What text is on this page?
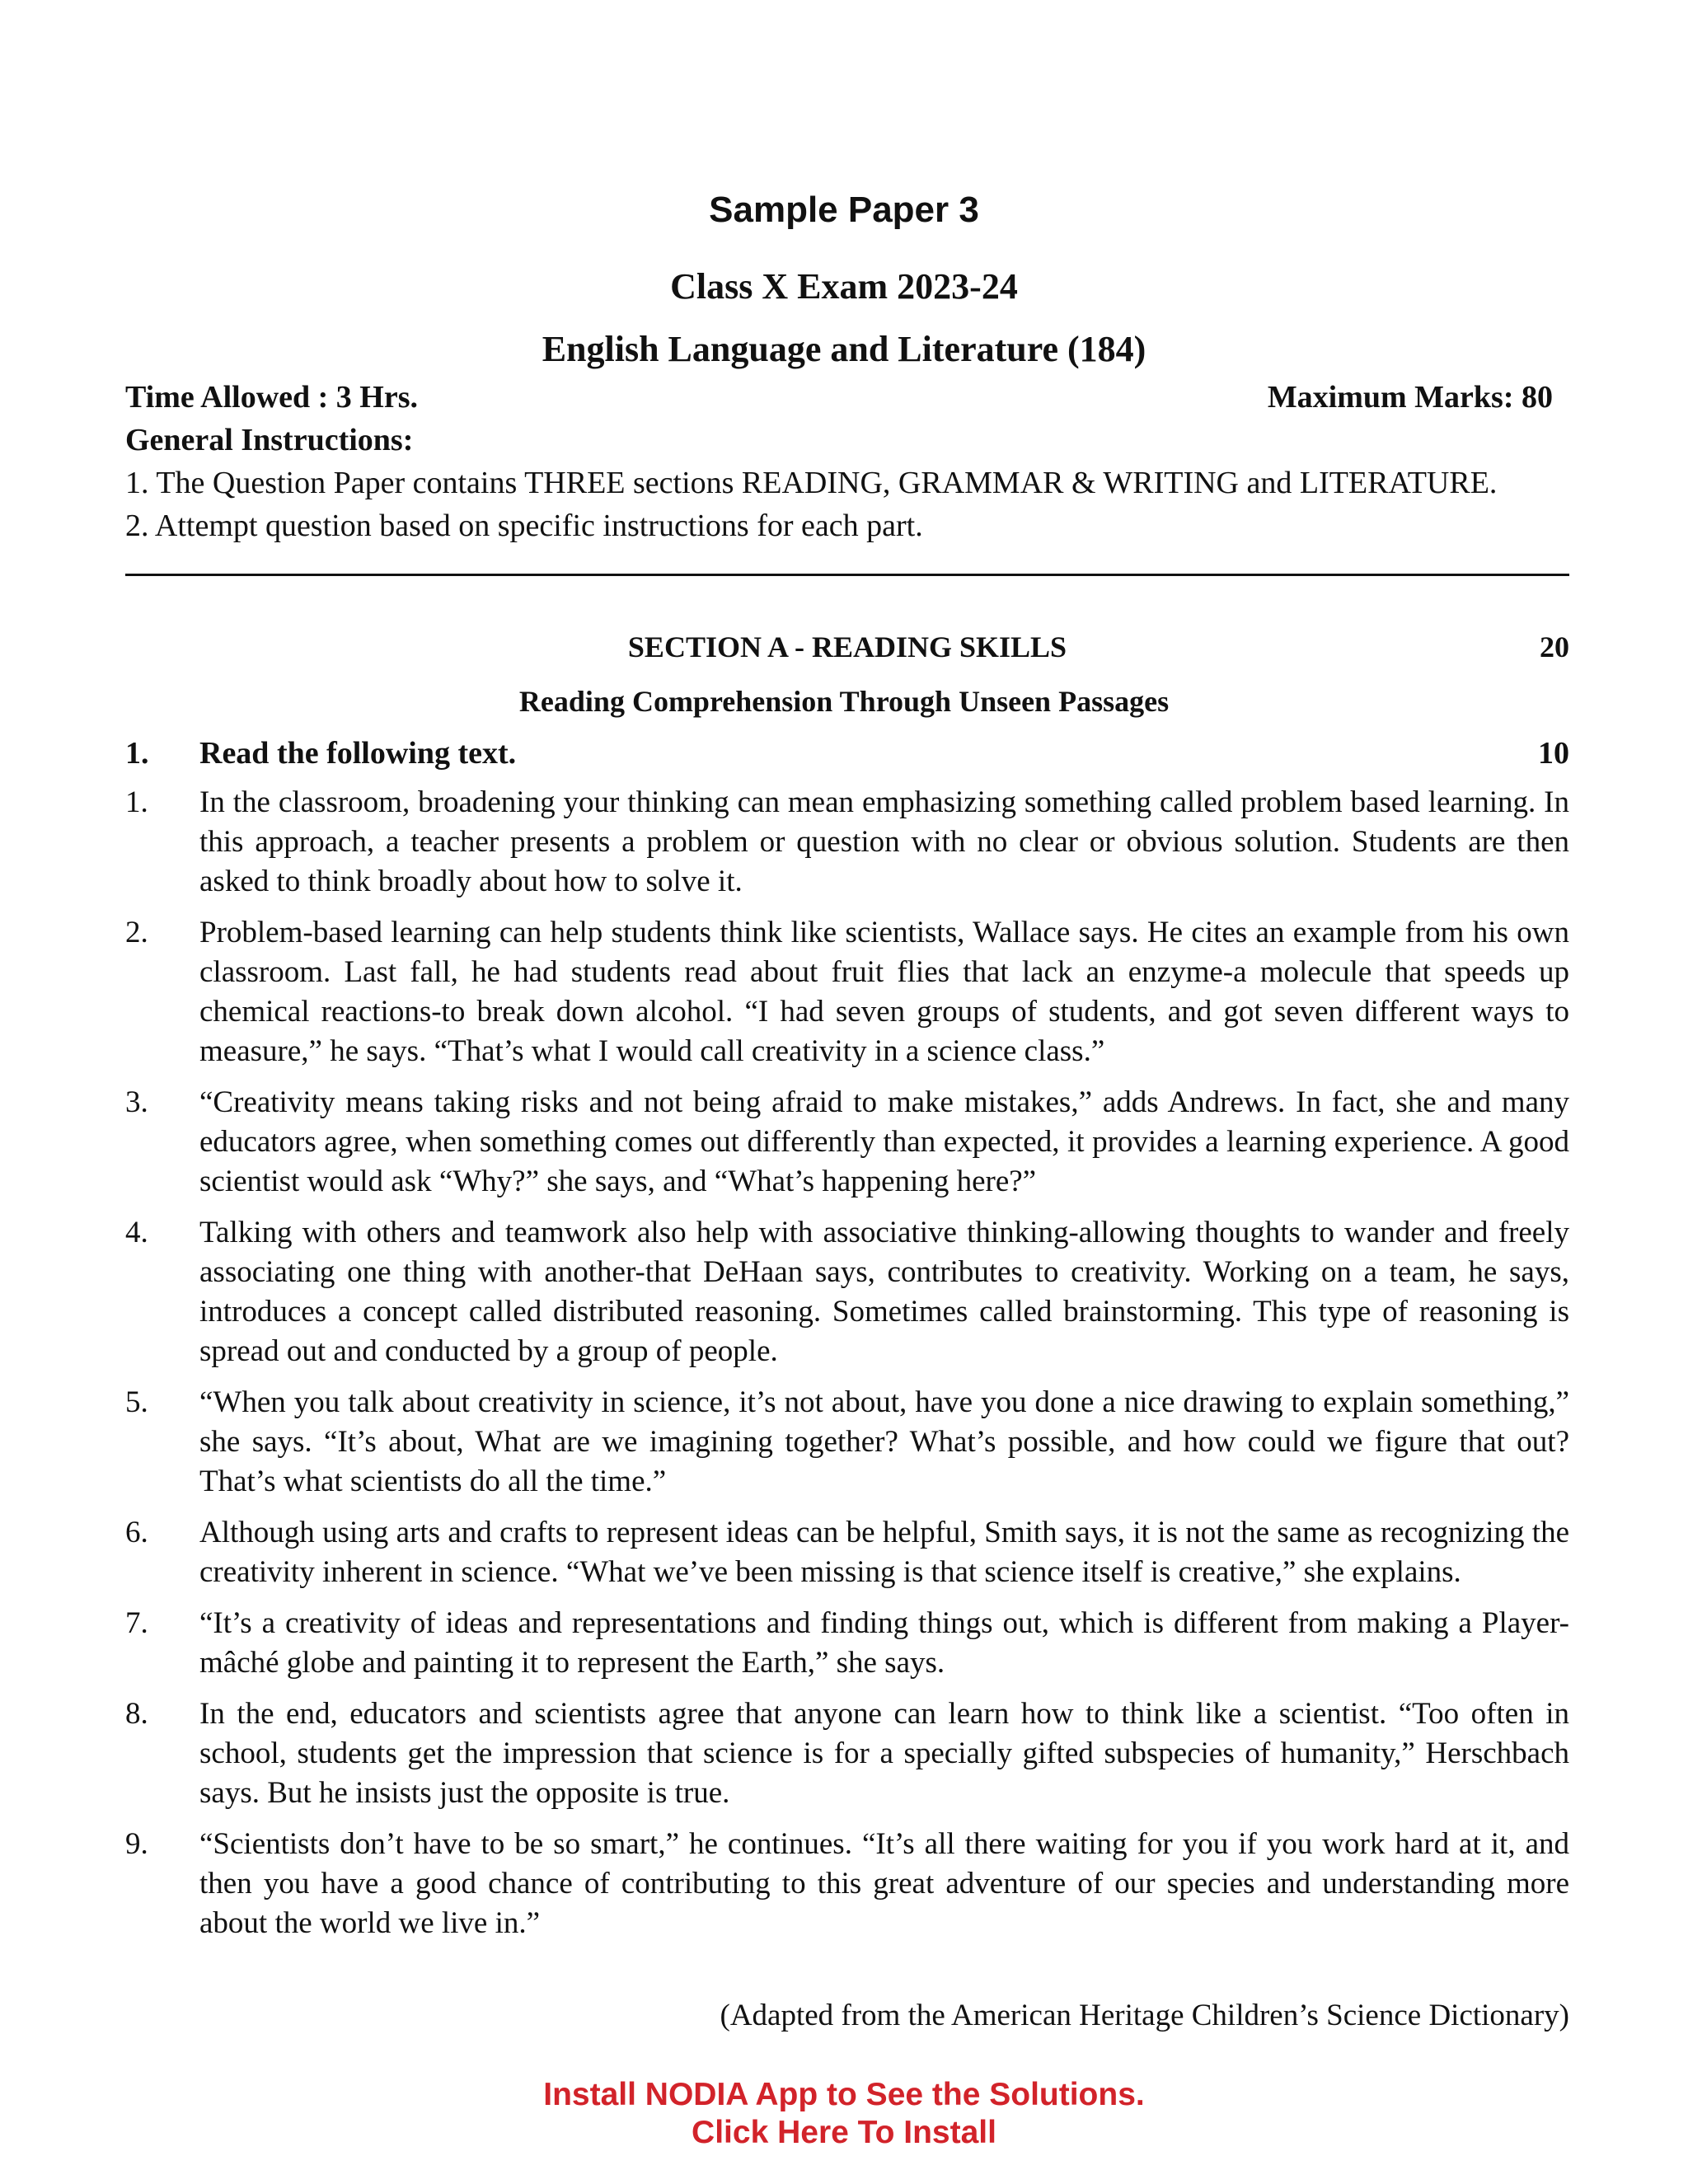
Sample Paper 3
Class X Exam 2023-24
English Language and Literature (184)
Time Allowed : 3 Hrs.	Maximum Marks: 80
General Instructions:
1. The Question Paper contains THREE sections READING, GRAMMAR & WRITING and LITERATURE.
2. Attempt question based on specific instructions for each part.
SECTION A - READING SKILLS	20
Reading Comprehension Through Unseen Passages
1. Read the following text.	10
1.	In the classroom, broadening your thinking can mean emphasizing something called problem based learning. In this approach, a teacher presents a problem or question with no clear or obvious solution. Students are then asked to think broadly about how to solve it.
2.	Problem-based learning can help students think like scientists, Wallace says. He cites an example from his own classroom. Last fall, he had students read about fruit flies that lack an enzyme-a molecule that speeds up chemical reactions-to break down alcohol. “I had seven groups of students, and got seven different ways to measure,” he says. “That’s what I would call creativity in a science class.”
3.	“Creativity means taking risks and not being afraid to make mistakes,” adds Andrews. In fact, she and many educators agree, when something comes out differently than expected, it provides a learning experience. A good scientist would ask “Why?” she says, and “What’s happening here?”
4.	Talking with others and teamwork also help with associative thinking-allowing thoughts to wander and freely associating one thing with another-that DeHaan says, contributes to creativity. Working on a team, he says, introduces a concept called distributed reasoning. Sometimes called brainstorming. This type of reasoning is spread out and conducted by a group of people.
5.	“When you talk about creativity in science, it’s not about, have you done a nice drawing to explain something,” she says. “It’s about, What are we imagining together? What’s possible, and how could we figure that out? That’s what scientists do all the time.”
6.	Although using arts and crafts to represent ideas can be helpful, Smith says, it is not the same as recognizing the creativity inherent in science. “What we’ve been missing is that science itself is creative,” she explains.
7.	“It’s a creativity of ideas and representations and finding things out, which is different from making a Player-mâché globe and painting it to represent the Earth,” she says.
8.	In the end, educators and scientists agree that anyone can learn how to think like a scientist. “Too often in school, students get the impression that science is for a specially gifted subspecies of humanity,” Herschbach says. But he insists just the opposite is true.
9.	“Scientists don’t have to be so smart,” he continues. “It’s all there waiting for you if you work hard at it, and then you have a good chance of contributing to this great adventure of our species and understanding more about the world we live in.”
(Adapted from the American Heritage Children’s Science Dictionary)
Install NODIA App to See the Solutions.
Click Here To Install
